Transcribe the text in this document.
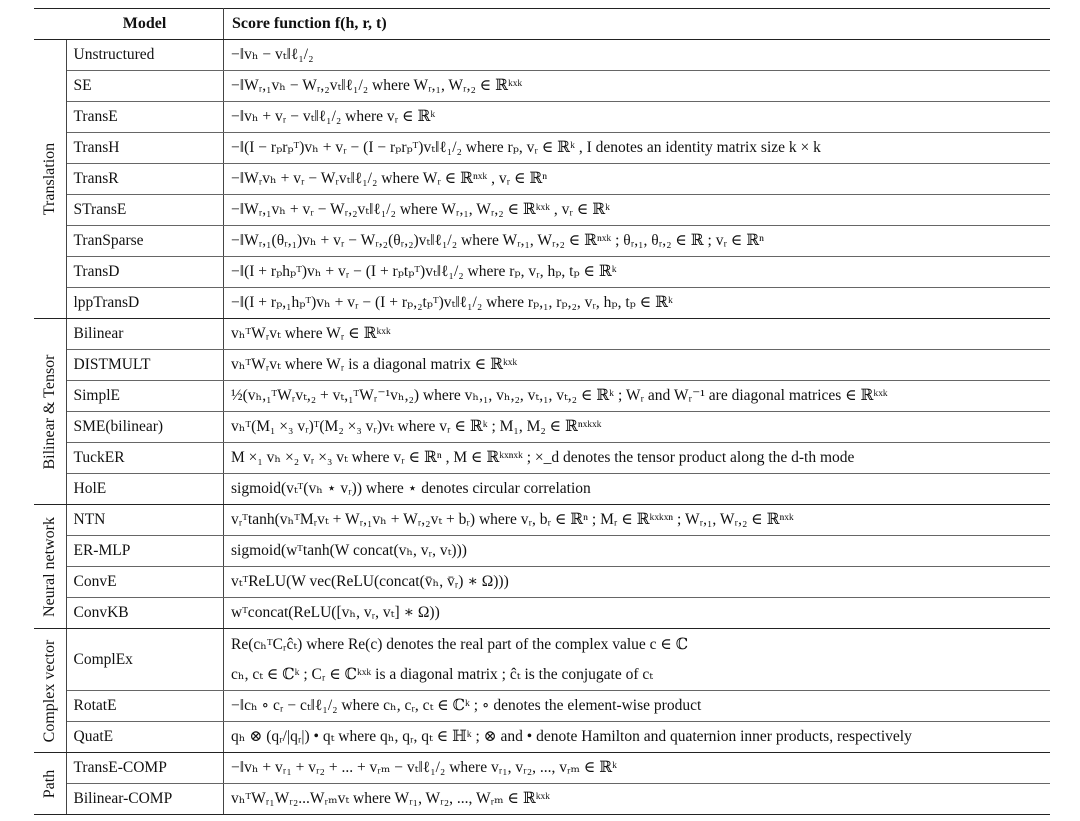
	Model	Score function f(h, r, t)

Translation	Unstructured	−‖vₕ − vₜ‖ℓ₁/₂

	SE	−‖Wᵣ,₁vₕ − Wᵣ,₂vₜ‖ℓ₁/₂ where Wᵣ,₁, Wᵣ,₂ ∈ ℝᵏˣᵏ

	TransE	−‖vₕ + vᵣ − vₜ‖ℓ₁/₂ where vᵣ ∈ ℝᵏ

	TransH	−‖(I − rₚrₚᵀ)vₕ + vᵣ − (I − rₚrₚᵀ)vₜ‖ℓ₁/₂ where rₚ, vᵣ ∈ ℝᵏ , I denotes an identity matrix size k × k

	TransR	−‖Wᵣvₕ + vᵣ − Wᵣvₜ‖ℓ₁/₂ where Wᵣ ∈ ℝⁿˣᵏ , vᵣ ∈ ℝⁿ

	STransE	−‖Wᵣ,₁vₕ + vᵣ − Wᵣ,₂vₜ‖ℓ₁/₂ where Wᵣ,₁, Wᵣ,₂ ∈ ℝᵏˣᵏ , vᵣ ∈ ℝᵏ

	TranSparse	−‖Wᵣ,₁(θᵣ,₁)vₕ + vᵣ − Wᵣ,₂(θᵣ,₂)vₜ‖ℓ₁/₂ where Wᵣ,₁, Wᵣ,₂ ∈ ℝⁿˣᵏ ; θᵣ,₁, θᵣ,₂ ∈ ℝ ; vᵣ ∈ ℝⁿ

	TransD	−‖(I + rₚhₚᵀ)vₕ + vᵣ − (I + rₚtₚᵀ)vₜ‖ℓ₁/₂ where rₚ, vᵣ, hₚ, tₚ ∈ ℝᵏ

	lppTransD	−‖(I + rₚ,₁hₚᵀ)vₕ + vᵣ − (I + rₚ,₂tₚᵀ)vₜ‖ℓ₁/₂ where rₚ,₁, rₚ,₂, vᵣ, hₚ, tₚ ∈ ℝᵏ

Bilinear & Tensor	Bilinear	vₕᵀWᵣvₜ where Wᵣ ∈ ℝᵏˣᵏ

	DISTMULT	vₕᵀWᵣvₜ where Wᵣ is a diagonal matrix ∈ ℝᵏˣᵏ

	SimplE	½(vₕ,₁ᵀWᵣvₜ,₂ + vₜ,₁ᵀWᵣ⁻¹vₕ,₂) where vₕ,₁, vₕ,₂, vₜ,₁, vₜ,₂ ∈ ℝᵏ ; Wᵣ and Wᵣ⁻¹ are diagonal matrices ∈ ℝᵏˣᵏ

	SME(bilinear)	vₕᵀ(M₁ ×₃ vᵣ)ᵀ(M₂ ×₃ vᵣ)vₜ where vᵣ ∈ ℝᵏ ; M₁, M₂ ∈ ℝⁿˣᵏˣᵏ

	TuckER	M ×₁ vₕ ×₂ vᵣ ×₃ vₜ where vᵣ ∈ ℝⁿ , M ∈ ℝᵏˣⁿˣᵏ ; ×_d denotes the tensor product along the d-th mode

	HolE	sigmoid(vₜᵀ(vₕ ⋆ vᵣ)) where ⋆ denotes circular correlation

Neural network	NTN	vᵣᵀtanh(vₕᵀMᵣvₜ + Wᵣ,₁vₕ + Wᵣ,₂vₜ + bᵣ) where vᵣ, bᵣ ∈ ℝⁿ ; Mᵣ ∈ ℝᵏˣᵏˣⁿ ; Wᵣ,₁, Wᵣ,₂ ∈ ℝⁿˣᵏ

	ER-MLP	sigmoid(wᵀtanh(W concat(vₕ, vᵣ, vₜ)))

	ConvE	vₜᵀReLU(W vec(ReLU(concat(v̄ₕ, v̄ᵣ) ∗ Ω)))

	ConvKB	wᵀconcat(ReLU([vₕ, vᵣ, vₜ] ∗ Ω))

Complex vector	ComplEx	Re(cₕᵀCᵣĉₜ) where Re(c) denotes the real part of the complex value c ∈ ℂ
cₕ, cₜ ∈ ℂᵏ ; Cᵣ ∈ ℂᵏˣᵏ is a diagonal matrix ; ĉₜ is the conjugate of cₜ

	RotatE	−‖cₕ ∘ cᵣ − cₜ‖ℓ₁/₂ where cₕ, cᵣ, cₜ ∈ ℂᵏ ; ∘ denotes the element-wise product

	QuatE	qₕ ⊗ (qᵣ/|qᵣ|) • qₜ where qₕ, qᵣ, qₜ ∈ ℍᵏ ; ⊗ and • denote Hamilton and quaternion inner products, respectively

Path	TransE-COMP	−‖vₕ + vᵣ₁ + vᵣ₂ + ... + vᵣₘ − vₜ‖ℓ₁/₂ where vᵣ₁, vᵣ₂, ..., vᵣₘ ∈ ℝᵏ

	Bilinear-COMP	vₕᵀWᵣ₁Wᵣ₂...Wᵣₘvₜ where Wᵣ₁, Wᵣ₂, ..., Wᵣₘ ∈ ℝᵏˣᵏ
